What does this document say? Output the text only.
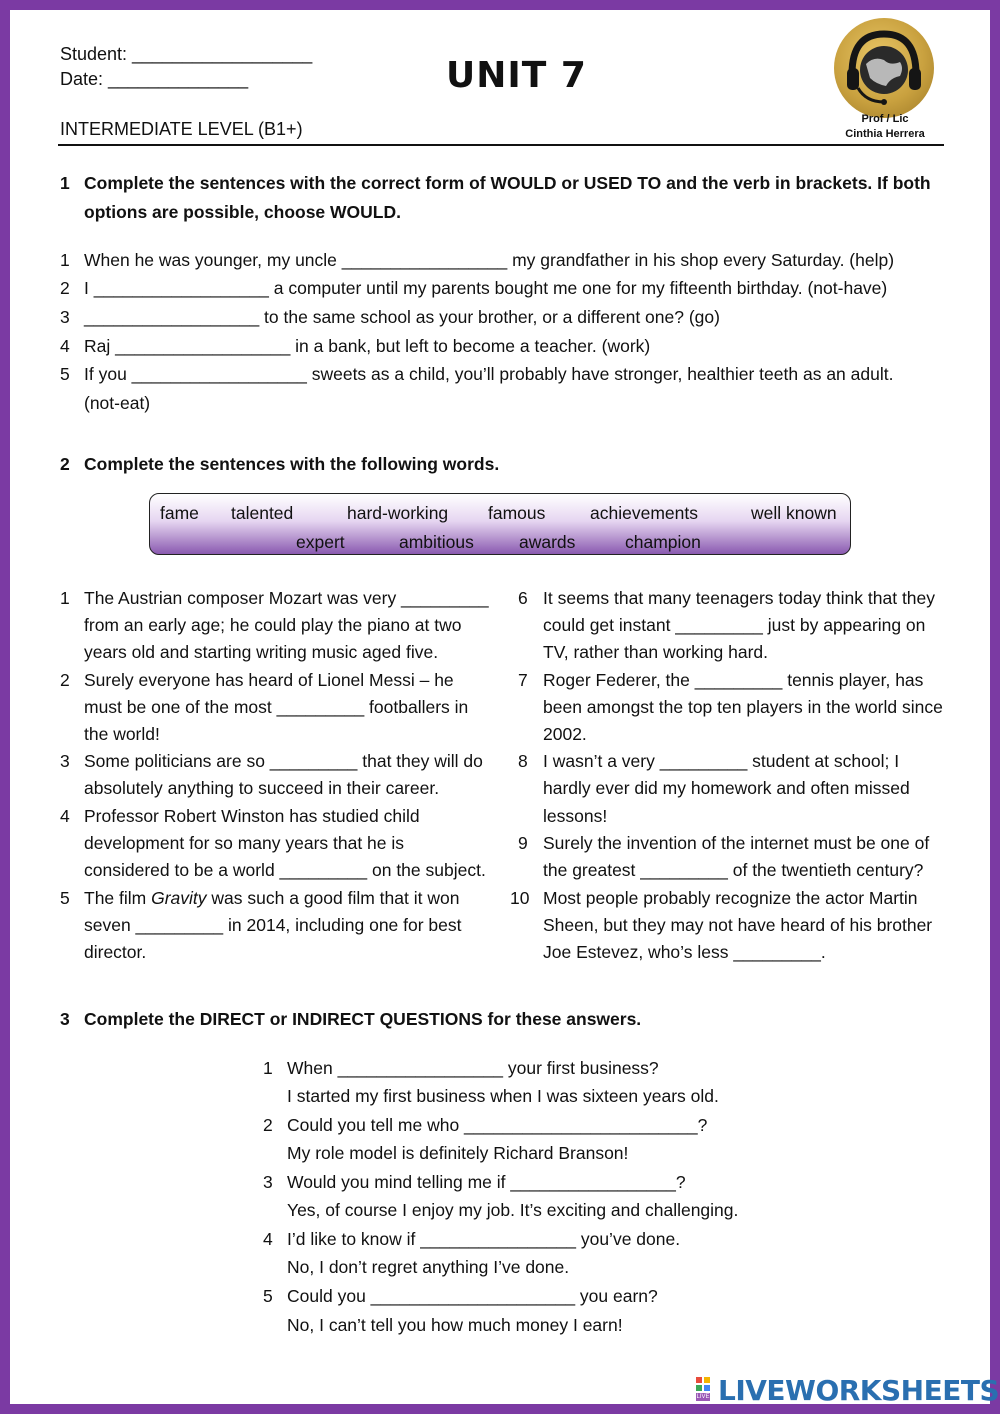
Student: __________________
Date: ______________	UNIT 7
INTERMEDIATE LEVEL (B1+)	Prof / Lic
Cinthia Herrera
1 Complete the sentences with the correct form of WOULD or USED TO and the verb in brackets. If both
options are possible, choose WOULD.
1 When he was younger, my uncle _________________ my grandfather in his shop every Saturday. (help)
2 I __________________ a computer until my parents bought me one for my fifteenth birthday. (not-have)
3 __________________ to the same school as your brother, or a different one? (go)
4 Raj __________________ in a bank, but left to become a teacher. (work)
5 If you __________________ sweets as a child, you’ll probably have stronger, healthier teeth as an adult.
(not-eat)
2 Complete the sentences with the following words.
fame talented	hard-working famous	achievements	well known
expert	ambitious	awards	champion
1 The Austrian composer Mozart was very _________
from an early age; he could play the piano at two
years old and starting writing music aged five.
2 Surely everyone has heard of Lionel Messi – he
must be one of the most _________ footballers in
the world!
3 Some politicians are so _________ that they will do
absolutely anything to succeed in their career.
4 Professor Robert Winston has studied child
development for so many years that he is
considered to be a world _________ on the subject.
5 The film Gravity was such a good film that it won
seven _________ in 2014, including one for best
director.
6 It seems that many teenagers today think that they
could get instant _________ just by appearing on
TV, rather than working hard.
7 Roger Federer, the _________ tennis player, has
been amongst the top ten players in the world since
2002.
8 I wasn’t a very _________ student at school; I
hardly ever did my homework and often missed
lessons!
9 Surely the invention of the internet must be one of
the greatest _________ of the twentieth century?
10 Most people probably recognize the actor Martin
Sheen, but they may not have heard of his brother
Joe Estevez, who’s less _________.
3 Complete the DIRECT or INDIRECT QUESTIONS for these answers.
1 When _________________ your first business?
I started my first business when I was sixteen years old.
2 Could you tell me who ________________________?
My role model is definitely Richard Branson!
3 Would you mind telling me if _________________?
Yes, of course I enjoy my job. It’s exciting and challenging.
4 I’d like to know if ________________ you’ve done.
No, I don’t regret anything I’ve done.
5 Could you _____________________ you earn?
No, I can’t tell you how much money I earn!
LIVE LIVEWORKSHEETS
